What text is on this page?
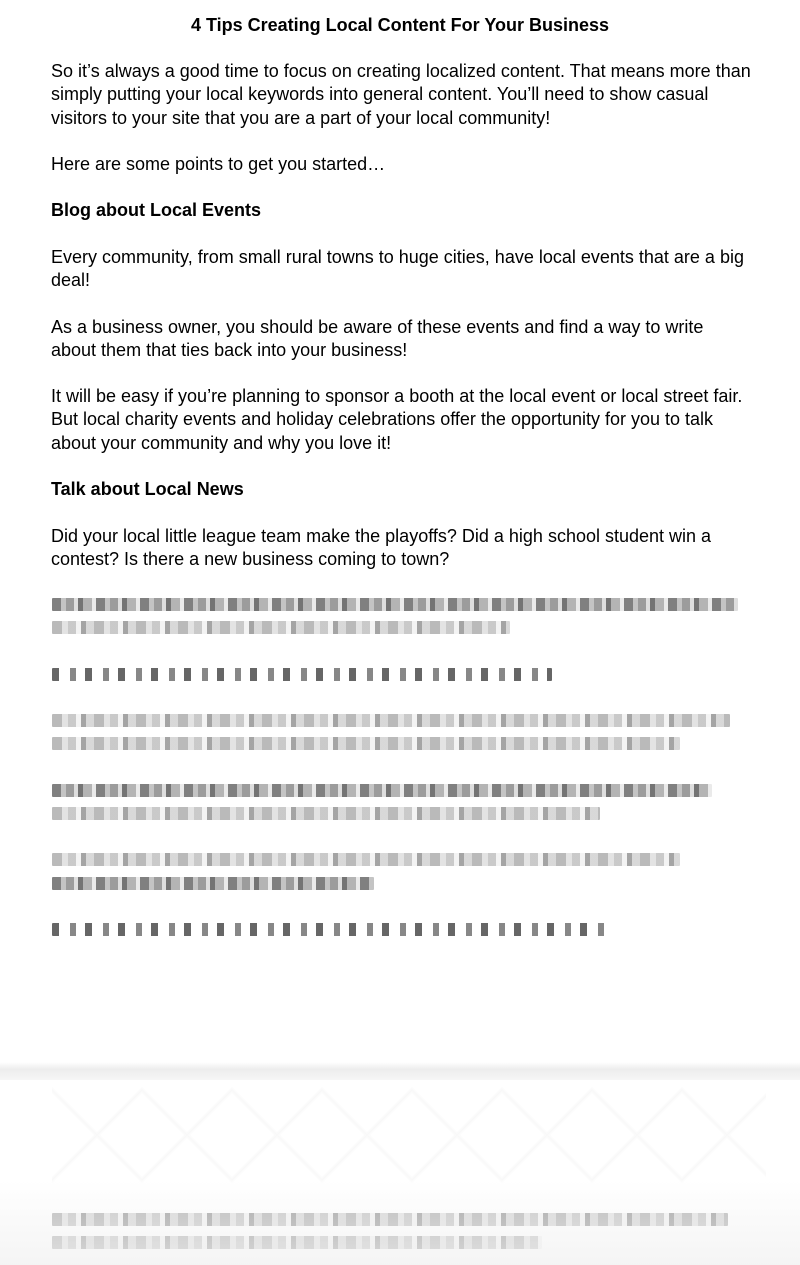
4 Tips Creating Local Content For Your Business

So it’s always a good time to focus on creating localized content. That means more than simply putting your local keywords into general content. You’ll need to show casual visitors to your site that you are a part of your local community!

Here are some points to get you started…

Blog about Local Events

Every community, from small rural towns to huge cities, have local events that are a big deal!

As a business owner, you should be aware of these events and find a way to write about them that ties back into your business!

It will be easy if you’re planning to sponsor a booth at the local event or local street fair. But local charity events and holiday celebrations offer the opportunity for you to talk about your community and why you love it!

Talk about Local News

Did your local little league team make the playoffs? Did a high school student win a contest? Is there a new business coming to town?
